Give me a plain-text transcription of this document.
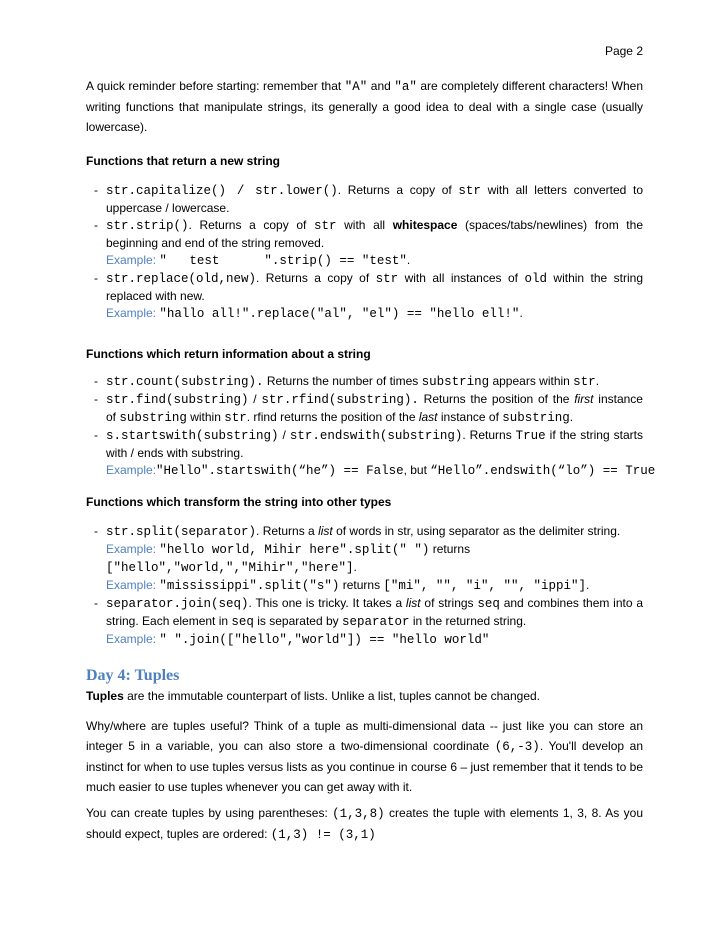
Page 2

A quick reminder before starting: remember that "A" and "a" are completely different characters! When writing functions that manipulate strings, its generally a good idea to deal with a single case (usually lowercase).

Functions that return a new string
- str.capitalize() / str.lower(). Returns a copy of str with all letters converted to uppercase / lowercase.
- str.strip(). Returns a copy of str with all whitespace (spaces/tabs/newlines) from the beginning and end of the string removed.
Example: "   test      ".strip() == "test".
- str.replace(old,new). Returns a copy of str with all instances of old within the string replaced with new.
Example: "hallo all!".replace("al", "el") == "hello ell!".
Functions which return information about a string
- str.count(substring). Returns the number of times substring appears within str.
- str.find(substring) / str.rfind(substring). Returns the position of the first instance of substring within str. rfind returns the position of the last instance of substring.
- s.startswith(substring) / str.endswith(substring). Returns True if the string starts with / ends with substring.
Example:"Hello".startswith(“he”) == False, but “Hello”.endswith(“lo”) == True
Functions which transform the string into other types
- str.split(separator). Returns a list of words in str, using separator as the delimiter string.
Example: "hello world, Mihir here".split(" ") returns
["hello","world,","Mihir","here"].
Example: "mississippi".split("s") returns ["mi", "", "i", "", "ippi"].
- separator.join(seq). This one is tricky. It takes a list of strings seq and combines them into a string. Each element in seq is separated by separator in the returned string.
Example: " ".join(["hello","world"]) == "hello world"
Day 4: Tuples

Tuples are the immutable counterpart of lists. Unlike a list, tuples cannot be changed.

Why/where are tuples useful? Think of a tuple as multi-dimensional data -- just like you can store an integer 5 in a variable, you can also store a two-dimensional coordinate (6,-3). You'll develop an instinct for when to use tuples versus lists as you continue in course 6 – just remember that it tends to be much easier to use tuples whenever you can get away with it.

You can create tuples by using parentheses: (1,3,8) creates the tuple with elements 1, 3, 8. As you should expect, tuples are ordered: (1,3) != (3,1)
